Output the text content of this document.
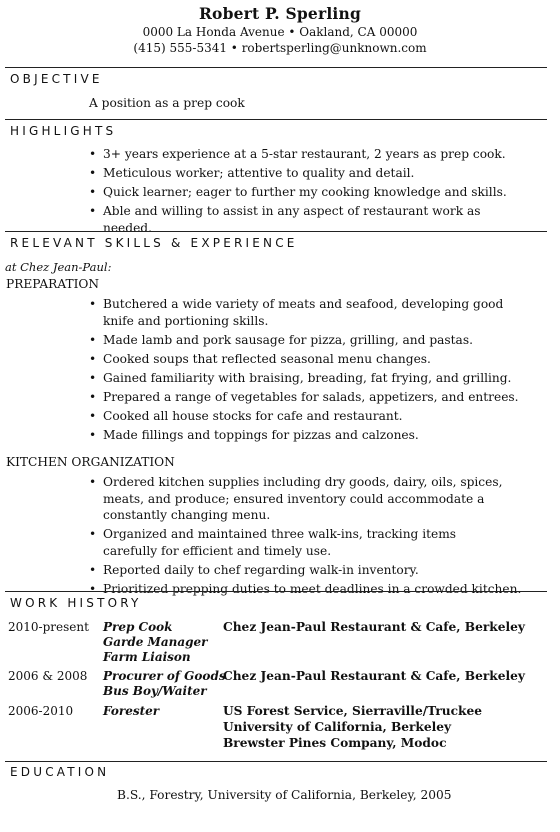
Robert P. Sperling
0000 La Honda Avenue • Oakland, CA 00000
(415) 555-5341 • robertsperling@unknown.com
OBJECTIVE
A position as a prep cook
HIGHLIGHTS
• 3+ years experience at a 5-star restaurant, 2 years as prep cook.
• Meticulous worker; attentive to quality and detail.
• Quick learner; eager to further my cooking knowledge and skills.
• Able and willing to assist in any aspect of restaurant work as needed.
RELEVANT SKILLS & EXPERIENCE
at Chez Jean-Paul:
PREPARATION
• Butchered a wide variety of meats and seafood, developing good knife and portioning skills.
• Made lamb and pork sausage for pizza, grilling, and pastas.
• Cooked soups that reflected seasonal menu changes.
• Gained familiarity with braising, breading, fat frying, and grilling.
• Prepared a range of vegetables for salads, appetizers, and entrees.
• Cooked all house stocks for cafe and restaurant.
• Made fillings and toppings for pizzas and calzones.
KITCHEN ORGANIZATION
• Ordered kitchen supplies including dry goods, dairy, oils, spices, meats, and produce; ensured inventory could accommodate a constantly changing menu.
• Organized and maintained three walk-ins, tracking items carefully for efficient and timely use.
• Reported daily to chef regarding walk-in inventory.
• Prioritized prepping duties to meet deadlines in a crowded kitchen.
WORK HISTORY
2010-present Prep Cook
Garde Manager
Farm Liaison
Chez Jean-Paul Restaurant & Cafe, Berkeley
2006 & 2008 Procurer of Goods
Bus Boy/Waiter
Chez Jean-Paul Restaurant & Cafe, Berkeley
2006-2010 Forester	US Forest Service, Sierraville/Truckee
University of California, Berkeley
Brewster Pines Company, Modoc
EDUCATION
B.S., Forestry, University of California, Berkeley, 2005
